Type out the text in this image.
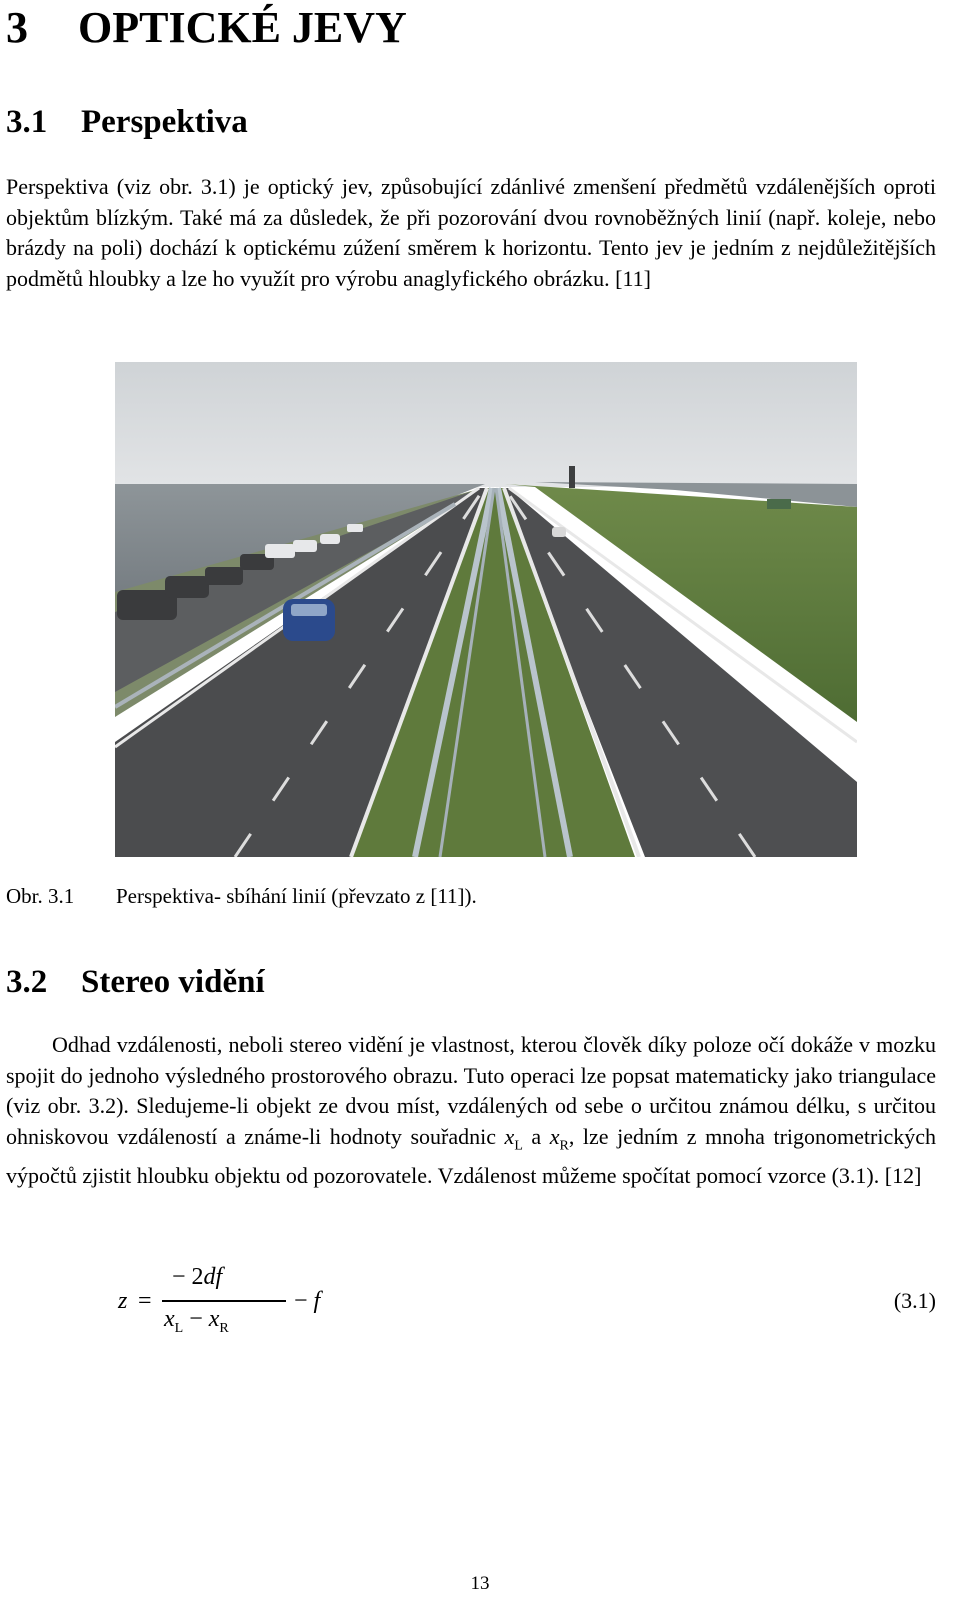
3 OPTICKÉ JEVY
3.1 Perspektiva

Perspektiva (viz obr. 3.1) je optický jev, způsobující zdánlivé zmenšení předmětů vzdálenějších oproti objektům blízkým. Také má za důsledek, že při pozorování dvou rovnoběžných linií (např. koleje, nebo brázdy na poli) dochází k optickému zúžení směrem k horizontu. Tento jev je jedním z nejdůležitějších podmětů hloubky a lze ho využít pro výrobu anaglyfického obrázku. [11]

Obr. 3.1 Perspektiva- sbíhání linií (převzato z [11]).
3.2 Stereo vidění

Odhad vzdálenosti, neboli stereo vidění je vlastnost, kterou člověk díky poloze očí dokáže v mozku spojit do jednoho výsledného prostorového obrazu. Tuto operaci lze popsat matematicky jako triangulace (viz obr. 3.2). Sledujeme-li objekt ze dvou míst, vzdálených od sebe o určitou známou délku, s určitou ohniskovou vzdáleností a známe-li hodnoty souřadnic $x_L$ a $x_R$, lze jedním z mnoha trigonometrických výpočtů zjistit hloubku objektu od pozorovatele. Vzdálenost můžeme spočítat pomocí vzorce (3.1). [12]

z =
− 2df
$x_L - x_R$
− f	(3.1)
13
